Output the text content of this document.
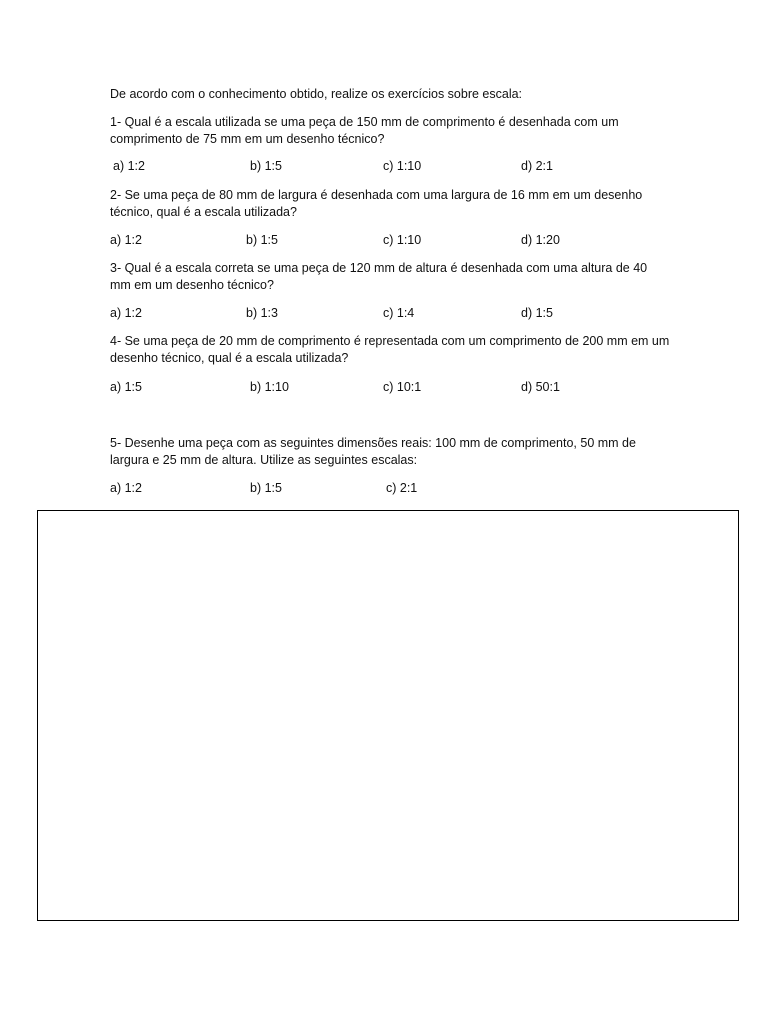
De acordo com o conhecimento obtido, realize os exercícios sobre escala:

1- Qual é a escala utilizada se uma peça de 150 mm de comprimento é desenhada com um comprimento de 75 mm em um desenho técnico?

a) 1:2	b) 1:5	c) 1:10	d) 2:1

2- Se uma peça de 80 mm de largura é desenhada com uma largura de 16 mm em um desenho técnico, qual é a escala utilizada?

a) 1:2	b) 1:5	c) 1:10	d) 1:20

3- Qual é a escala correta se uma peça de 120 mm de altura é desenhada com uma altura de 40 mm em um desenho técnico?

a) 1:2	b) 1:3	c) 1:4	d) 1:5

4- Se uma peça de 20 mm de comprimento é representada com um comprimento de 200 mm em um desenho técnico, qual é a escala utilizada?

a) 1:5	b) 1:10	c) 10:1	d) 50:1

5- Desenhe uma peça com as seguintes dimensões reais: 100 mm de comprimento, 50 mm de largura e 25 mm de altura. Utilize as seguintes escalas:

a) 1:2	b) 1:5	c) 2:1
